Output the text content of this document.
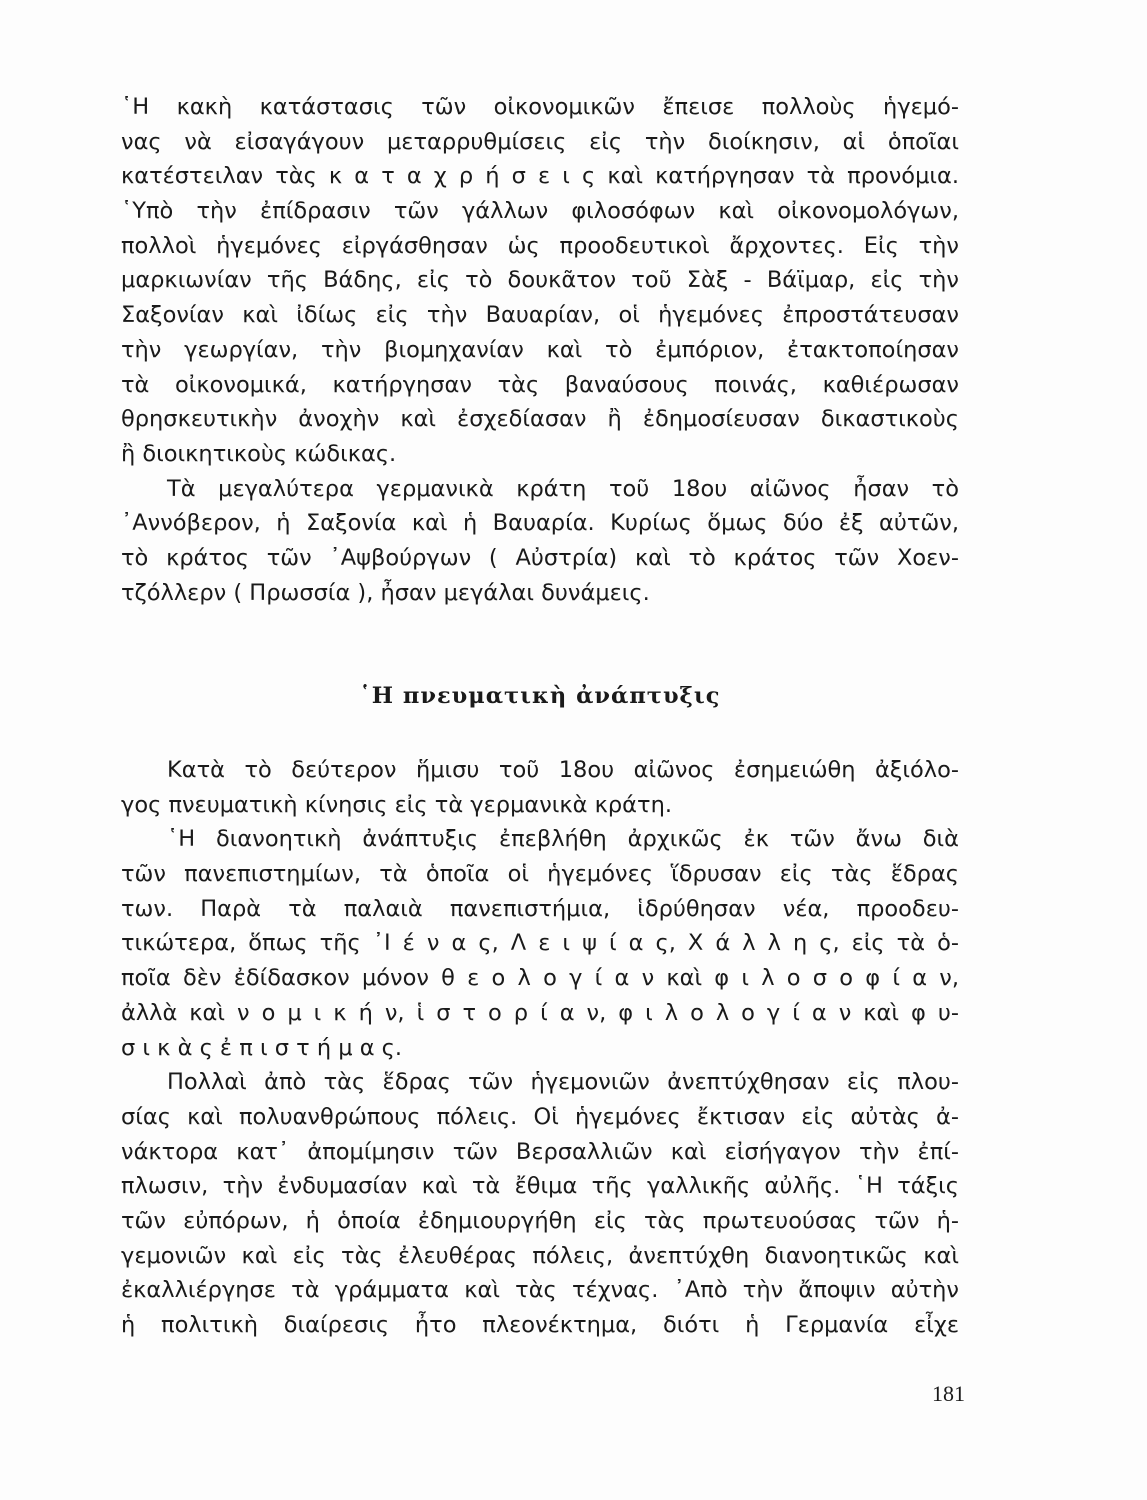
῾Η κακὴ κατάστασις τῶν οἰκονομικῶν ἔπεισε πολλοὺς ἡγεμό-
νας νὰ εἰσαγάγουν μεταρρυθμίσεις εἰς τὴν διοίκησιν, αἱ ὁποῖαι
κατέστειλαν τὰς κ α τ α χ ρ ή σ ε ι ς καὶ κατήργησαν τὰ προνόμια.
῾Υπὸ τὴν ἐπίδρασιν τῶν γάλλων φιλοσόφων καὶ οἰκονομολόγων,
πολλοὶ ἡγεμόνες εἰργάσθησαν ὡς προοδευτικοὶ ἄρχοντες. Εἰς τὴν
μαρκιωνίαν τῆς Βάδης, εἰς τὸ δουκᾶτον τοῦ Σὰξ - Βάϊμαρ, εἰς τὴν
Σαξονίαν καὶ ἰδίως εἰς τὴν Βαυαρίαν, οἱ ἡγεμόνες ἐπροστάτευσαν
τὴν γεωργίαν, τὴν βιομηχανίαν καὶ τὸ ἐμπόριον, ἐτακτοποίησαν
τὰ οἰκονομικά, κατήργησαν τὰς βαναύσους ποινάς, καθιέρωσαν
θρησκευτικὴν ἀνοχὴν καὶ ἐσχεδίασαν ἢ ἐδημοσίευσαν δικαστικοὺς
ἢ διοικητικοὺς κώδικας.
Τὰ μεγαλύτερα γερμανικὰ κράτη τοῦ 18ου αἰῶνος ἦσαν τὸ
᾿Αννόβερον, ἡ Σαξονία καὶ ἡ Βαυαρία. Κυρίως ὅμως δύο ἐξ αὐτῶν,
τὸ κράτος τῶν ᾿Αψβούργων ( Αὐστρία) καὶ τὸ κράτος τῶν Χοεν-
τζόλλερν ( Πρωσσία ), ἦσαν μεγάλαι δυνάμεις.
῾Η πνευματικὴ ἀνάπτυξις
Κατὰ τὸ δεύτερον ἥμισυ τοῦ 18ου αἰῶνος ἐσημειώθη ἀξιόλο-
γος πνευματικὴ κίνησις εἰς τὰ γερμανικὰ κράτη.
῾Η διανοητικὴ ἀνάπτυξις ἐπεβλήθη ἀρχικῶς ἐκ τῶν ἄνω διὰ
τῶν πανεπιστημίων, τὰ ὁποῖα οἱ ἡγεμόνες ἵδρυσαν εἰς τὰς ἕδρας
των. Παρὰ τὰ παλαιὰ πανεπιστήμια, ἱδρύθησαν νέα, προοδευ-
τικώτερα, ὅπως τῆς ᾿Ι έ ν α ς, Λ ε ι ψ ί α ς, Χ ά λ λ η ς, εἰς τὰ ὁ-
ποῖα δὲν ἐδίδασκον μόνον θ ε ο λ ο γ ί α ν καὶ φ ι λ ο σ ο φ ί α ν,
ἀλλὰ καὶ ν ο μ ι κ ή ν, ἱ σ τ ο ρ ί α ν, φ ι λ ο λ ο γ ί α ν καὶ φ υ-
σ ι κ ὰ ς ἐ π ι σ τ ή μ α ς.
Πολλαὶ ἀπὸ τὰς ἕδρας τῶν ἡγεμονιῶν ἀνεπτύχθησαν εἰς πλου-
σίας καὶ πολυανθρώπους πόλεις. Οἱ ἡγεμόνες ἔκτισαν εἰς αὐτὰς ἀ-
νάκτορα κατ᾿ ἀπομίμησιν τῶν Βερσαλλιῶν καὶ εἰσήγαγον τὴν ἐπί-
πλωσιν, τὴν ἐνδυμασίαν καὶ τὰ ἔθιμα τῆς γαλλικῆς αὐλῆς. ῾Η τάξις
τῶν εὐπόρων, ἡ ὁποία ἐδημιουργήθη εἰς τὰς πρωτευούσας τῶν ἡ-
γεμονιῶν καὶ εἰς τὰς ἐλευθέρας πόλεις, ἀνεπτύχθη διανοητικῶς καὶ
ἐκαλλιέργησε τὰ γράμματα καὶ τὰς τέχνας. ᾿Απὸ τὴν ἄποψιν αὐτὴν
ἡ πολιτικὴ διαίρεσις ἦτο πλεονέκτημα, διότι ἡ Γερμανία εἶχε
181
